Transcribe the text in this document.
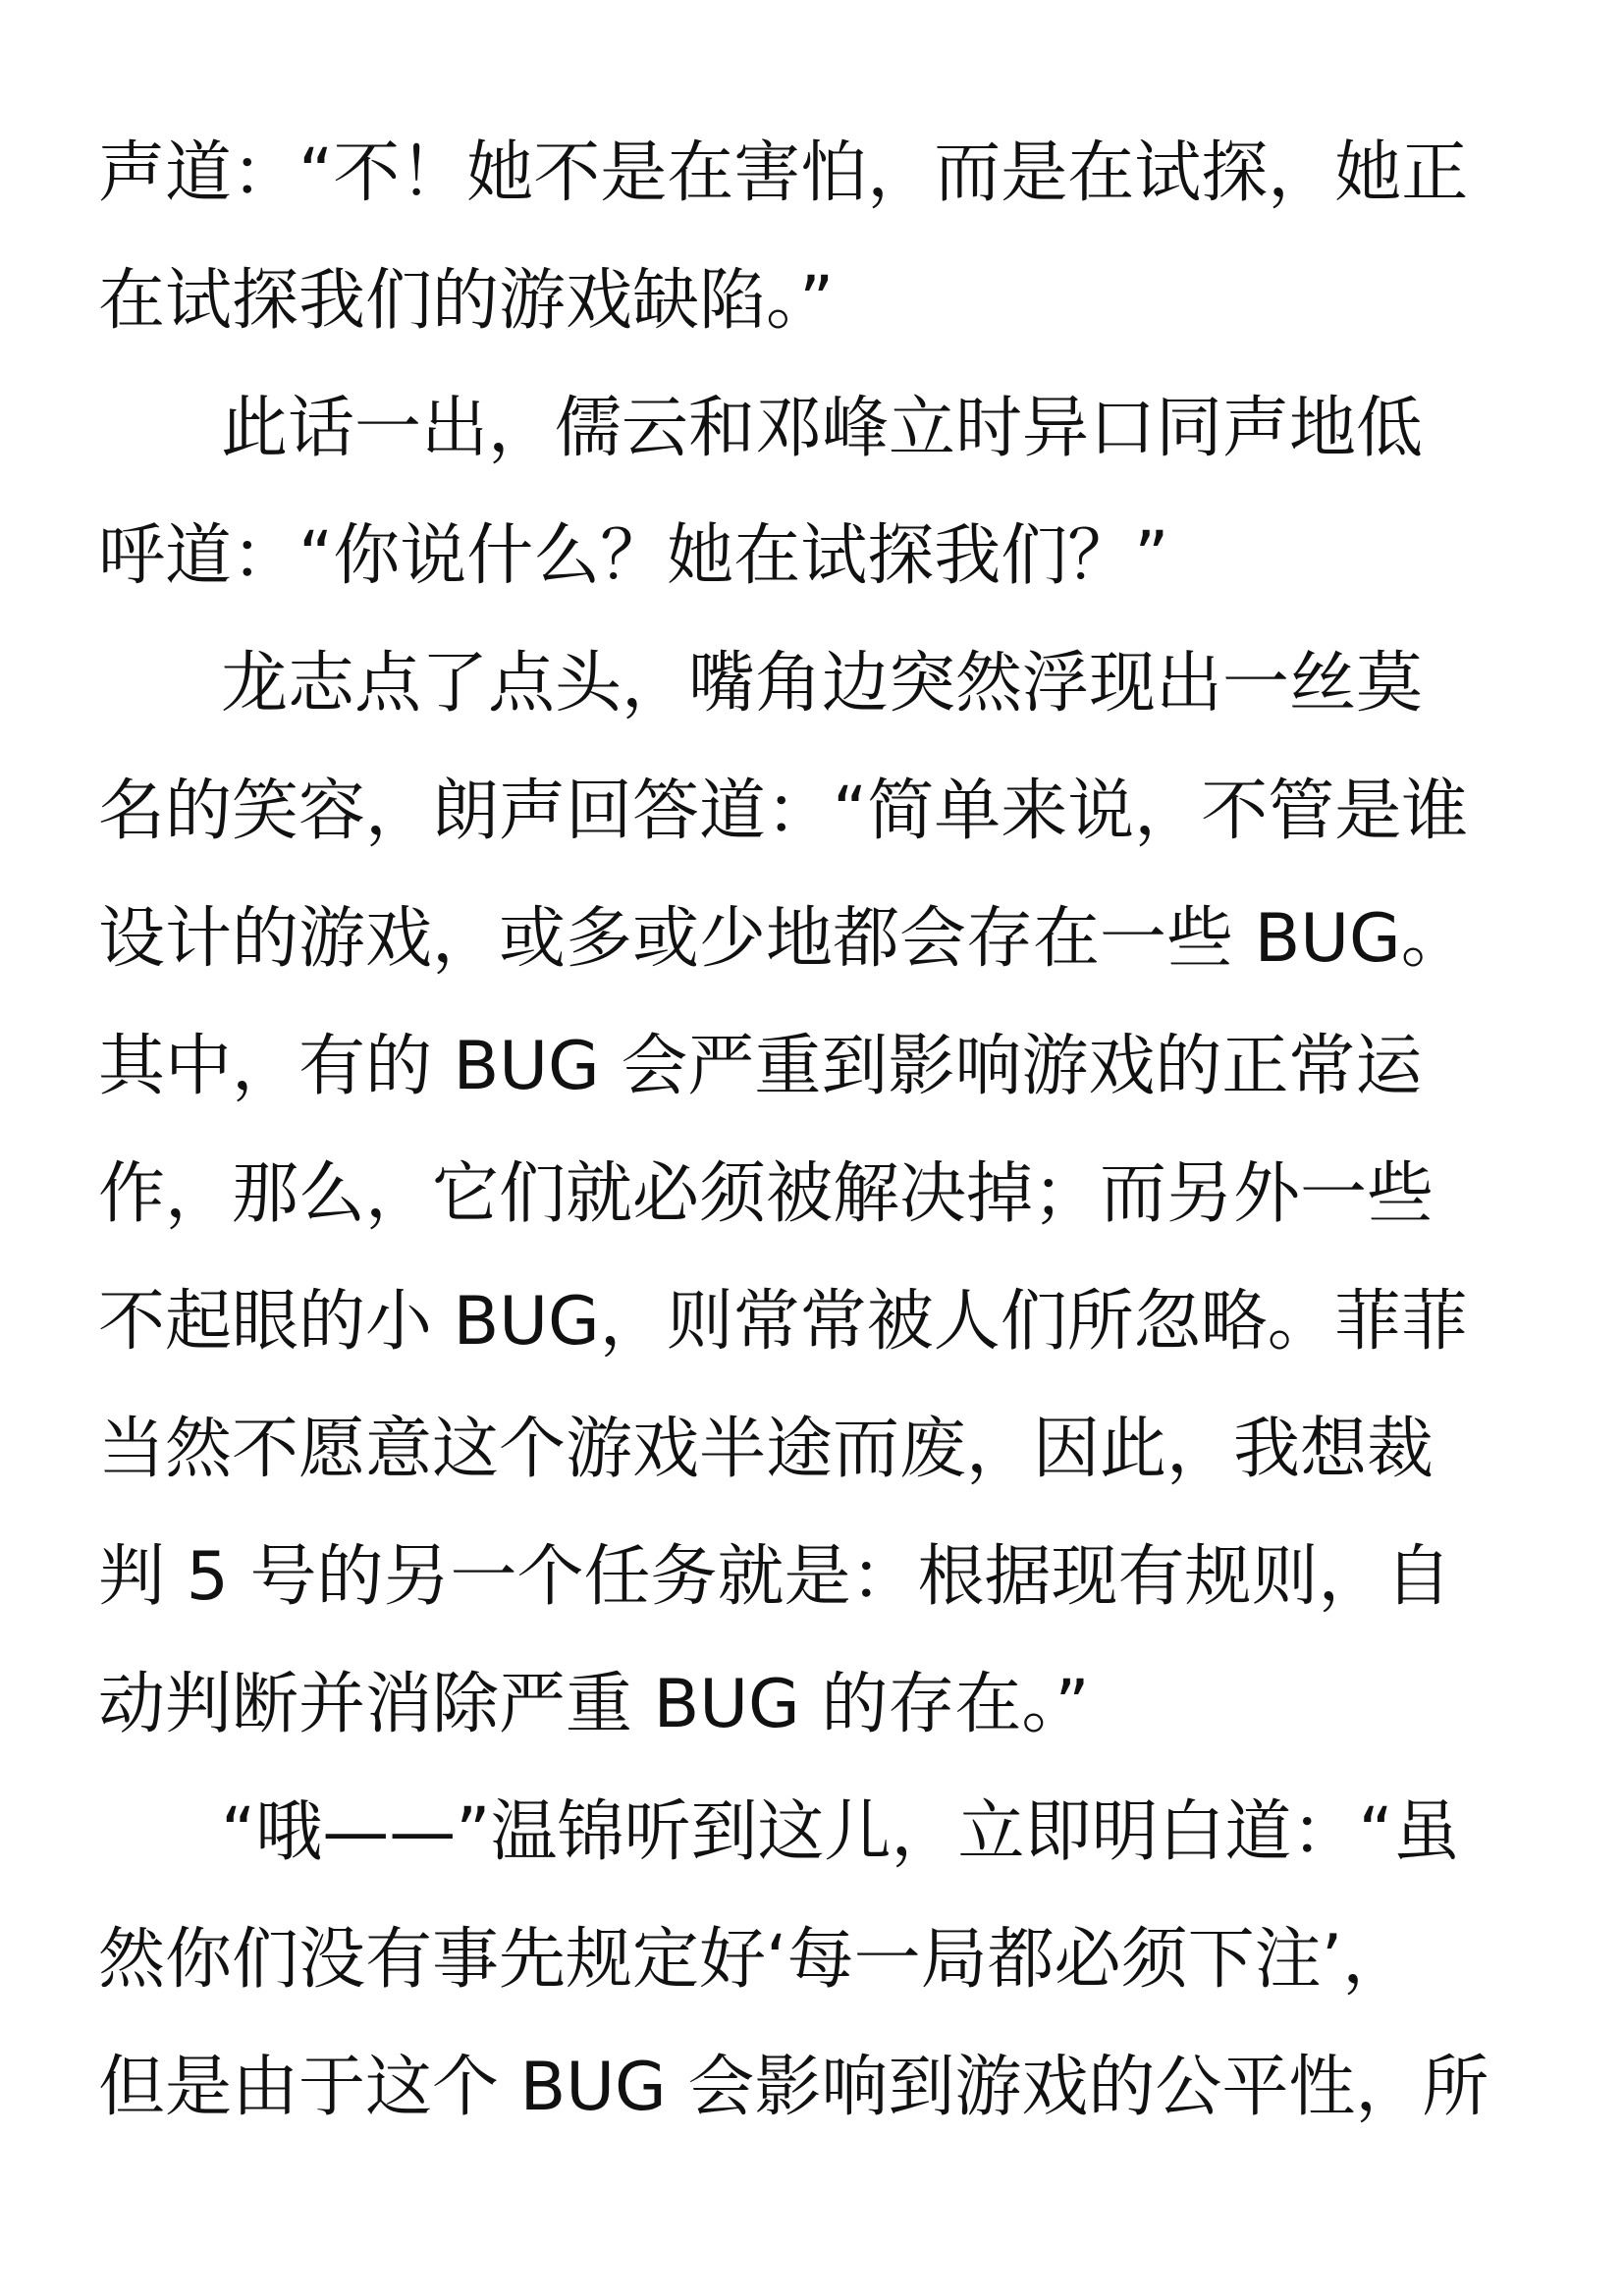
声道：“不！她不是在害怕，而是在试探，她正
在试探我们的游戏缺陷。”
此话一出，儒云和邓峰立时异口同声地低
呼道：“你说什么？她在试探我们？”
龙志点了点头，嘴角边突然浮现出一丝莫
名的笑容，朗声回答道：“简单来说，不管是谁
设计的游戏，或多或少地都会存在一些 BUG。
其中，有的 BUG 会严重到影响游戏的正常运
作，那么，它们就必须被解决掉；而另外一些
不起眼的小 BUG，则常常被人们所忽略。菲菲
当然不愿意这个游戏半途而废，因此，我想裁
判 5 号的另一个任务就是：根据现有规则，自
动判断并消除严重 BUG 的存在。”
“哦——”温锦听到这儿，立即明白道：“虽
然你们没有事先规定好‘每一局都必须下注’，
但是由于这个 BUG 会影响到游戏的公平性，所
